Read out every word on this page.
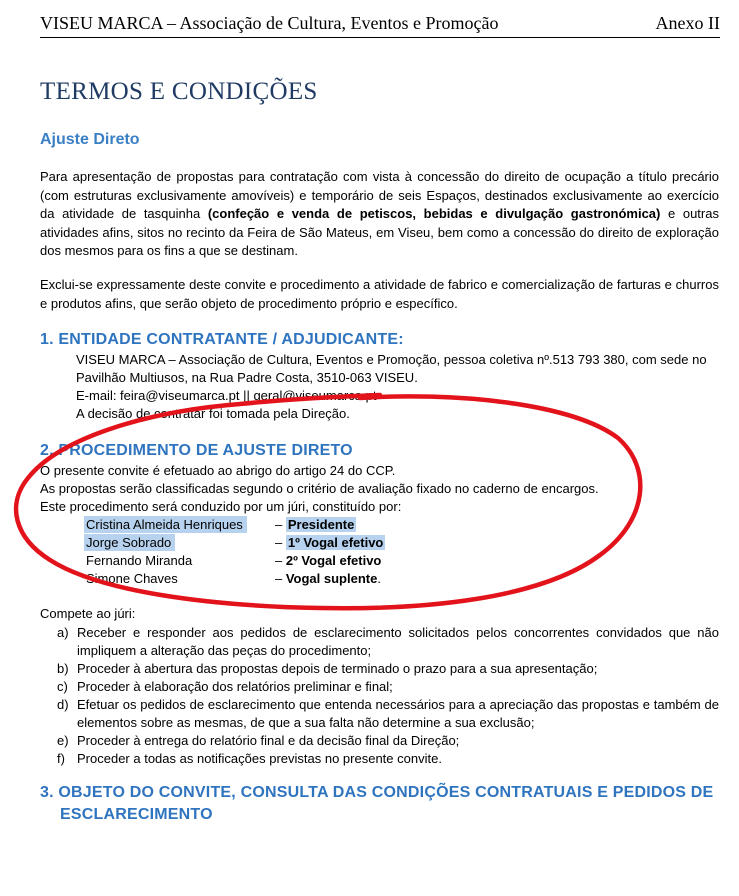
VISEU MARCA – Associação de Cultura, Eventos e Promoção	Anexo II
TERMOS E CONDIÇÕES
Ajuste Direto
Para apresentação de propostas para contratação com vista à concessão do direito de ocupação a título precário (com estruturas exclusivamente amovíveis) e temporário de seis Espaços, destinados exclusivamente ao exercício da atividade de tasquinha (confeção e venda de petiscos, bebidas e divulgação gastronómica) e outras atividades afins, sitos no recinto da Feira de São Mateus, em Viseu, bem como a concessão do direito de exploração dos mesmos para os fins a que se destinam.
Exclui-se expressamente deste convite e procedimento a atividade de fabrico e comercialização de farturas e churros e produtos afins, que serão objeto de procedimento próprio e específico.
1. ENTIDADE CONTRATANTE / ADJUDICANTE:
VISEU MARCA – Associação de Cultura, Eventos e Promoção, pessoa coletiva nº.513 793 380, com sede no
Pavilhão Multiusos, na Rua Padre Costa, 3510-063 VISEU.
E-mail: feira@viseumarca.pt || geral@viseumarca.pt
A decisão de contratar foi tomada pela Direção.
2. PROCEDIMENTO DE AJUSTE DIRETO
O presente convite é efetuado ao abrigo do artigo 24 do CCP.
As propostas serão classificadas segundo o critério de avaliação fixado no caderno de encargos.
Este procedimento será conduzido por um júri, constituído por:
Cristina Almeida Henriques	– Presidente
Jorge Sobrado	– 1º Vogal efetivo
Fernando Miranda	– 2º Vogal efetivo
Simone Chaves	– Vogal suplente.
Compete ao júri:
a) Receber e responder aos pedidos de esclarecimento solicitados pelos concorrentes convidados que não impliquem a alteração das peças do procedimento;
b) Proceder à abertura das propostas depois de terminado o prazo para a sua apresentação;
c) Proceder à elaboração dos relatórios preliminar e final;
d) Efetuar os pedidos de esclarecimento que entenda necessários para a apreciação das propostas e também de elementos sobre as mesmas, de que a sua falta não determine a sua exclusão;
e) Proceder à entrega do relatório final e da decisão final da Direção;
f) Proceder a todas as notificações previstas no presente convite.
3. OBJETO DO CONVITE, CONSULTA DAS CONDIÇÕES CONTRATUAIS E PEDIDOS DE
ESCLARECIMENTO
